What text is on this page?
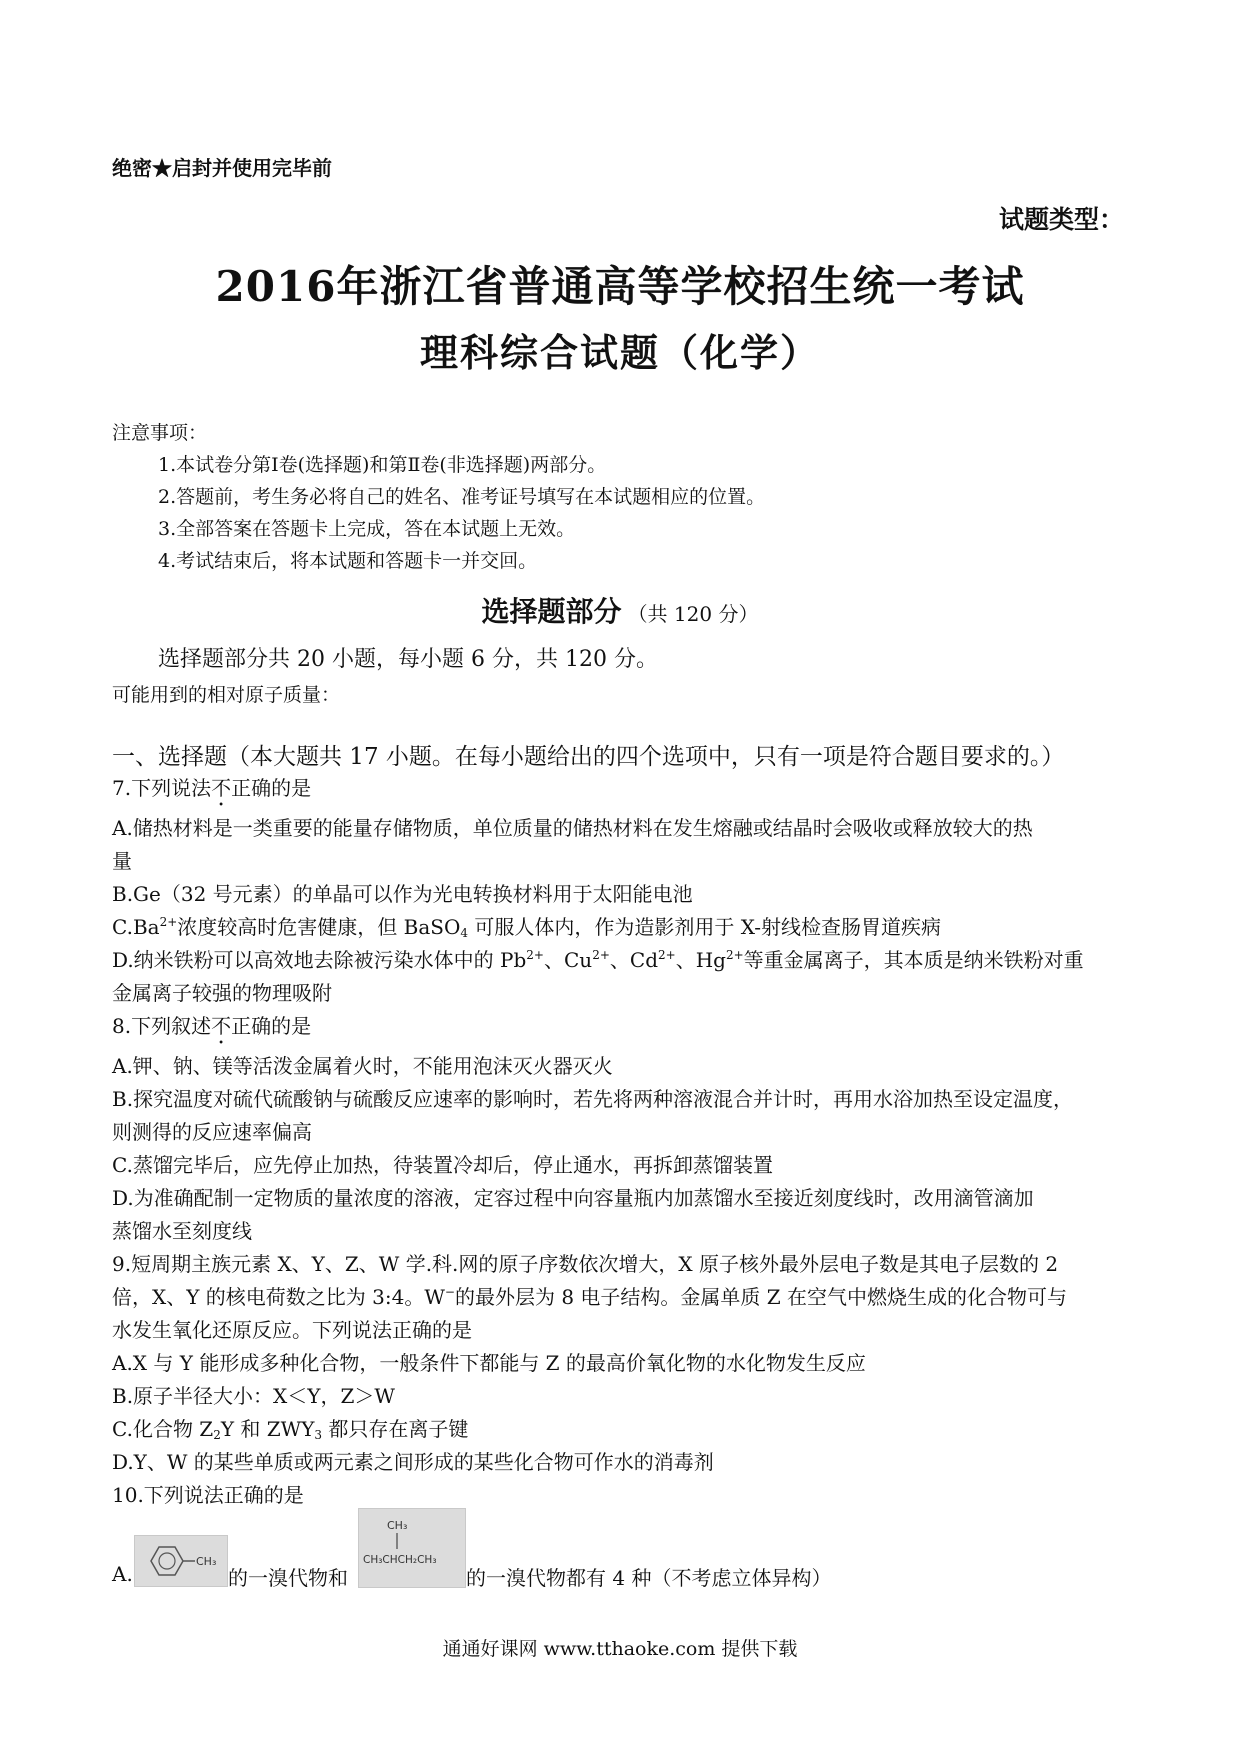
绝密★启封并使用完毕前
试题类型：
2016年浙江省普通高等学校招生统一考试
理科综合试题（化学）
注意事项：
1.本试卷分第Ⅰ卷(选择题)和第Ⅱ卷(非选择题)两部分。
2.答题前，考生务必将自己的姓名、准考证号填写在本试题相应的位置。
3.全部答案在答题卡上完成，答在本试题上无效。
4.考试结束后，将本试题和答题卡一并交回。
选择题部分 （共 120 分）
选择题部分共 20 小题，每小题 6 分，共 120 分。
可能用到的相对原子质量：
一、选择题（本大题共 17 小题。在每小题给出的四个选项中，只有一项是符合题目要求的。）
7.下列说法不正确的是
A.储热材料是一类重要的能量存储物质，单位质量的储热材料在发生熔融或结晶时会吸收或释放较大的热
量
B.Ge（32 号元素）的单晶可以作为光电转换材料用于太阳能电池
$C.Ba^{2+}$浓度较高时危害健康，但 BaSO$_4$ 可服人体内，作为造影剂用于 X-射线检查肠胃道疾病
D.纳米铁粉可以高效地去除被污染水体中的 $Pb^{2+}$、$Cu^{2+}$、$Cd^{2+}$、$Hg^{2+}$等重金属离子，其本质是纳米铁粉对重
金属离子较强的物理吸附
8.下列叙述不正确的是
A.钾、钠、镁等活泼金属着火时，不能用泡沫灭火器灭火
B.探究温度对硫代硫酸钠与硫酸反应速率的影响时，若先将两种溶液混合并计时，再用水浴加热至设定温度，
则测得的反应速率偏高
C.蒸馏完毕后，应先停止加热，待装置冷却后，停止通水，再拆卸蒸馏装置
D.为准确配制一定物质的量浓度的溶液，定容过程中向容量瓶内加蒸馏水至接近刻度线时，改用滴管滴加
蒸馏水至刻度线
9.短周期主族元素 X、Y、Z、W 学.科.网的原子序数依次增大，X 原子核外最外层电子数是其电子层数的 2
倍，X、Y 的核电荷数之比为 3:4。W−的最外层为 8 电子结构。金属单质 Z 在空气中燃烧生成的化合物可与
水发生氧化还原反应。下列说法正确的是
A.X 与 Y 能形成多种化合物，一般条件下都能与 Z 的最高价氧化物的水化物发生反应
B.原子半径大小：X＜Y，Z＞W
C.化合物 $Z_2Y$ 和 $ZWY_3$ 都只存在离子键
D.Y、W 的某些单质或两元素之间形成的某些化合物可作水的消毒剂
10.下列说法正确的是
A.
CH₃
的一溴代物和
CH₃
CH₃CHCH₂CH₃
的一溴代物都有 4 种（不考虑立体异构）
通通好课网 www.tthaoke.com 提供下载
